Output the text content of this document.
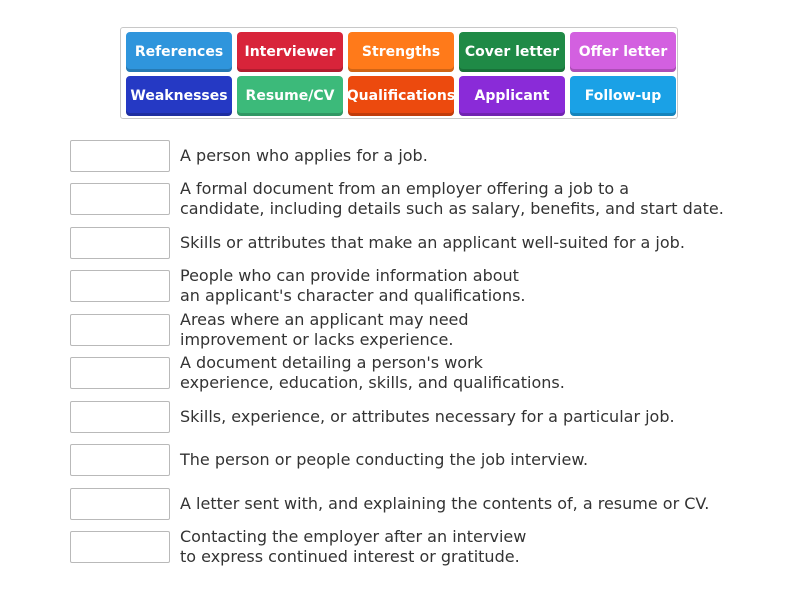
References	Interviewer	Strengths	Cover letter	Offer letter
Weaknesses	Resume/CV Qualifications	Applicant	Follow-up
A person who applies for a job.
A formal document from an employer offering a job to a
candidate, including details such as salary, benefits, and start date.
Skills or attributes that make an applicant well-suited for a job.
People who can provide information about
an applicant's character and qualifications.
Areas where an applicant may need
improvement or lacks experience.
A document detailing a person's work
experience, education, skills, and qualifications.
Skills, experience, or attributes necessary for a particular job.
The person or people conducting the job interview.
A letter sent with, and explaining the contents of, a resume or CV.
Contacting the employer after an interview
to express continued interest or gratitude.
